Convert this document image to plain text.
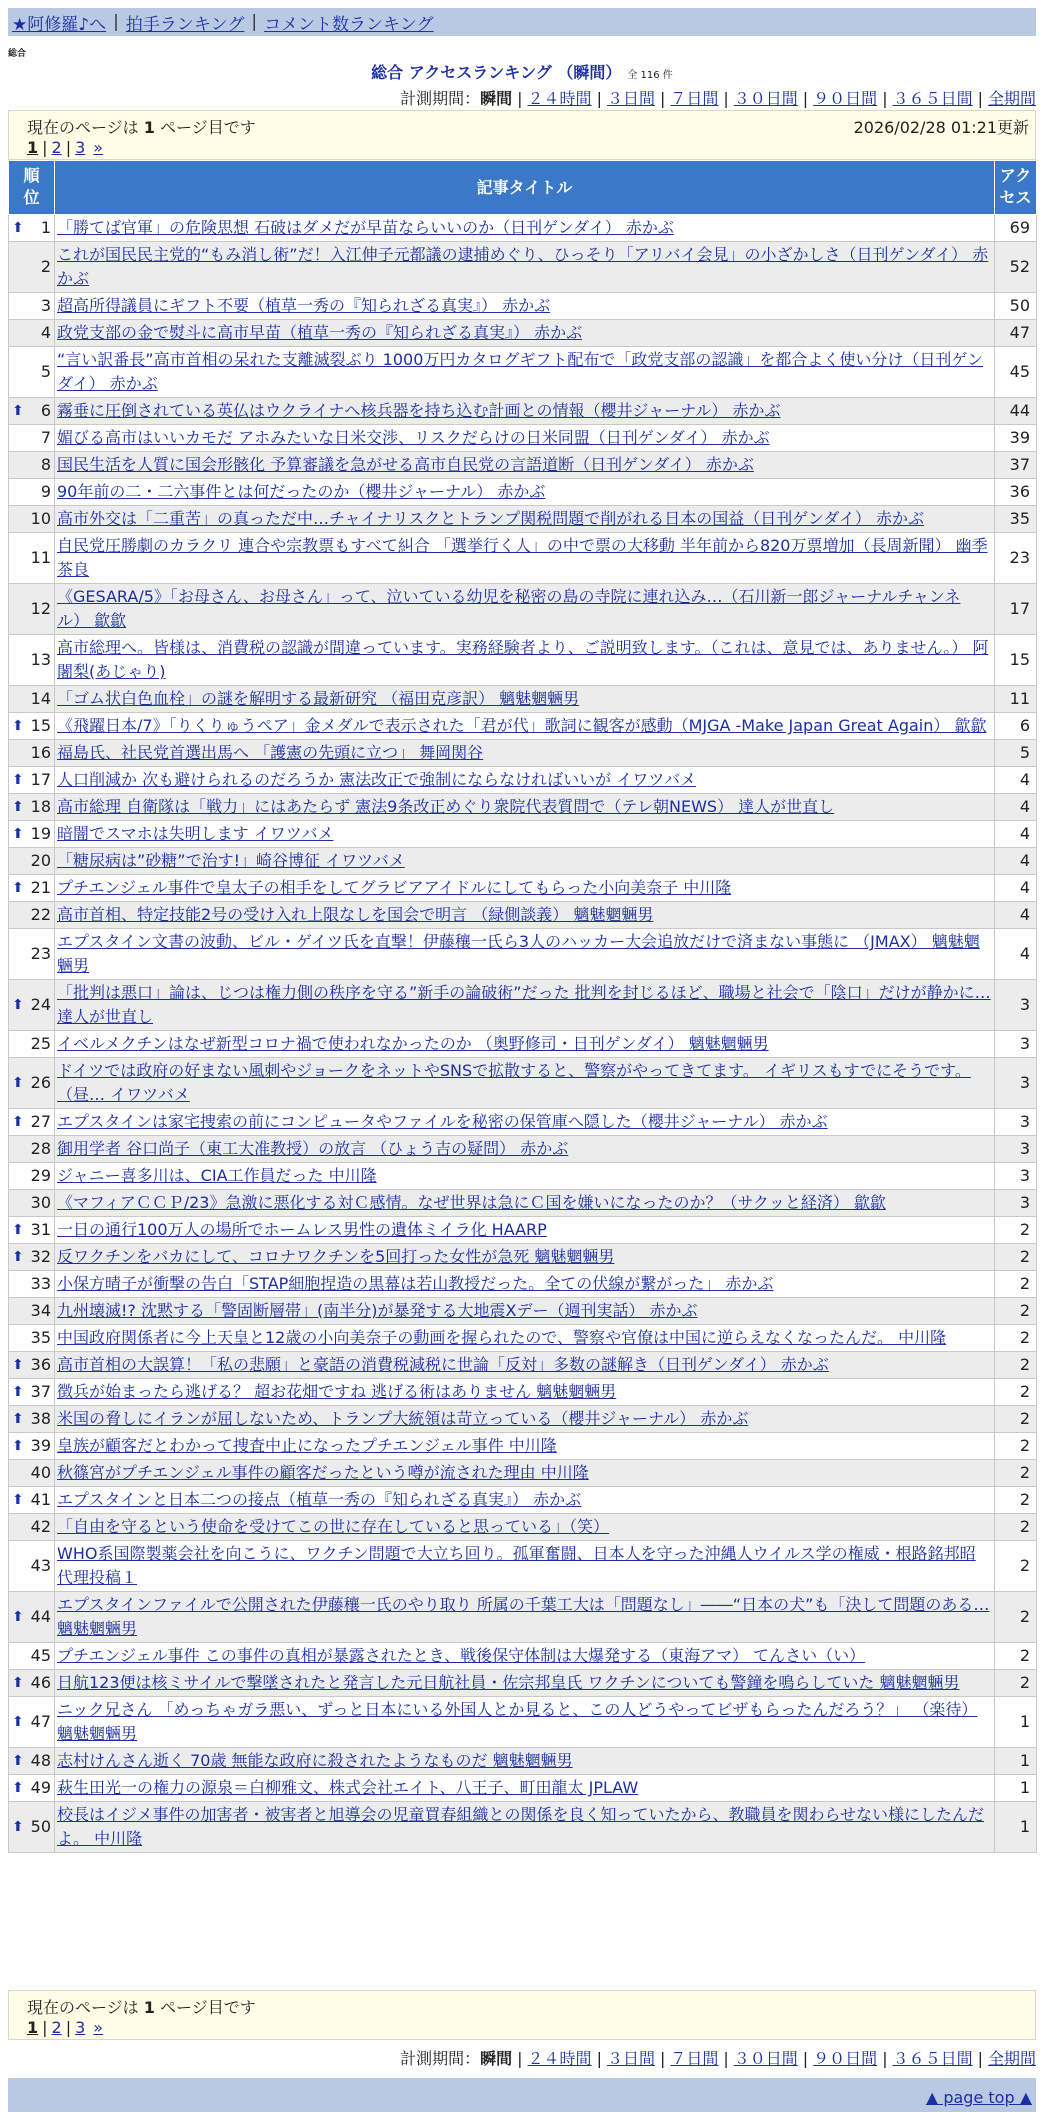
★阿修羅♪へ | 拍手ランキング | コメント数ランキング
総合
総合 アクセスランキング （瞬間） 全 116 件
計測期間：瞬間 | ２４時間 | ３日間 | ７日間 | ３０日間 | ９０日間 | ３６５日間 | 全期間
現在のページは 1 ページ目です	2026/02/28 01:21更新
1 | 2 | 3 »
順位	記事タイトル	アクセス

⬆ 1	「勝てば官軍」の危険思想 石破はダメだが早苗ならいいのか（日刊ゲンダイ） 赤かぶ	69
2	これが国民民主党的“もみ消し術”だ！入江伸子元都議の逮捕めぐり、ひっそり「アリバイ会見」の小ざかしさ（日刊ゲンダイ） 赤かぶ	52
3	超高所得議員にギフト不要（植草一秀の『知られざる真実』） 赤かぶ	50
4	政党支部の金で熨斗に高市早苗（植草一秀の『知られざる真実』） 赤かぶ	47
5	“言い訳番長”高市首相の呆れた支離滅裂ぶり 1000万円カタログギフト配布で「政党支部の認識」を都合よく使い分け（日刊ゲンダイ） 赤かぶ	45

⬆ 6	霧垂に圧倒されている英仏はウクライナへ核兵器を持ち込む計画との情報（櫻井ジャーナル） 赤かぶ	44
7	媚びる高市はいいカモだ アホみたいな日米交渉、リスクだらけの日米同盟（日刊ゲンダイ） 赤かぶ	39
8	国民生活を人質に国会形骸化 予算審議を急がせる高市自民党の言語道断（日刊ゲンダイ） 赤かぶ	37
9	90年前の二・二六事件とは何だったのか（櫻井ジャーナル） 赤かぶ	36
10	高市外交は「二重苦」の真っただ中…チャイナリスクとトランプ関税問題で削がれる日本の国益（日刊ゲンダイ） 赤かぶ	35
11	自民党圧勝劇のカラクリ 連合や宗教票もすべて糾合 「選挙行く人」の中で票の大移動 半年前から820万票増加（長周新聞） 幽季 茶良	23
12	《GESARA/5》「お母さん、お母さん」って、泣いている幼児を秘密の島の寺院に連れ込み…（石川新一郎ジャーナルチャンネル） 歙歙	17
13	高市総理へ。皆様は、消費税の認識が間違っています。実務経験者より、ご説明致します。（これは、意見では、ありません。） 阿闍梨(あじゃり)	15
14	「ゴム状白色血栓」の謎を解明する最新研究 （福田克彦訳） 魑魅魍魎男	11

⬆ 15	《飛躍日本/7》「りくりゅうペア」金メダルで表示された「君が代」歌詞に観客が感動（MJGA -Make Japan Great Again） 歙歙	6
16	福島氏、社民党首選出馬へ 「護憲の先頭に立つ」 舞岡関谷	5

⬆ 17	人口削減か 次も避けられるのだろうか 憲法改正で強制にならなければいいが イワツバメ	4

⬆ 18	高市総理 自衛隊は「戦力」にはあたらず 憲法9条改正めぐり衆院代表質問で（テレ朝NEWS） 達人が世直し	4

⬆ 19	暗闇でスマホは失明します イワツバメ	4
20	「糖尿病は”砂糖”で治す!」崎谷博征 イワツバメ	4

⬆ 21	プチエンジェル事件で皇太子の相手をしてグラビアアイドルにしてもらった小向美奈子 中川隆	4
22	高市首相、特定技能2号の受け入れ上限なしを国会で明言 （緑側談義） 魑魅魍魎男	4
23	エプスタイン文書の波動、ビル・ゲイツ氏を直撃！伊藤穰一氏ら3人のハッカー大会追放だけで済まない事態に （JMAX） 魑魅魍魎男	4

⬆ 24	「批判は悪口」論は、じつは権力側の秩序を守る”新手の論破術”だった 批判を封じるほど、職場と社会で「陰口」だけが静かに… 達人が世直し	3
25	イベルメクチンはなぜ新型コロナ禍で使われなかったのか （奥野修司・日刊ゲンダイ） 魑魅魍魎男	3

⬆ 26	ドイツでは政府の好まない風刺やジョークをネットやSNSで拡散すると、警察がやってきてます。 イギリスもすでにそうです。（昼… イワツバメ	3

⬆ 27	エプスタインは家宅捜索の前にコンピュータやファイルを秘密の保管庫へ隠した（櫻井ジャーナル） 赤かぶ	3
28	御用学者 谷口尚子（東工大准教授）の放言 （ひょう吉の疑問） 赤かぶ	3
29	ジャニー喜多川は、CIA工作員だった 中川隆	3
30	《マフィアＣＣＰ/23》急激に悪化する対Ｃ感情。なぜ世界は急にＣ国を嫌いになったのか？（サクッと経済） 歙歙	3

⬆ 31	一日の通行100万人の場所でホームレス男性の遺体ミイラ化 HAARP	2

⬆ 32	反ワクチンをバカにして、コロナワクチンを5回打った女性が急死 魑魅魍魎男	2
33	小保方晴子が衝撃の告白「STAP細胞捏造の黒幕は若山教授だった。全ての伏線が繋がった」 赤かぶ	2
34	九州壊滅!? 沈黙する「警固断層帯」(南半分)が暴発する大地震Xデー（週刊実話） 赤かぶ	2
35	中国政府関係者に今上天皇と12歳の小向美奈子の動画を握られたので、警察や官僚は中国に逆らえなくなったんだ。 中川隆	2

⬆ 36	高市首相の大誤算！「私の悲願」と豪語の消費税減税に世論「反対」多数の謎解き（日刊ゲンダイ） 赤かぶ	2

⬆ 37	徴兵が始まったら逃げる？ 超お花畑ですね 逃げる術はありません 魑魅魍魎男	2

⬆ 38	米国の脅しにイランが屈しないため、トランプ大統領は苛立っている（櫻井ジャーナル） 赤かぶ	2

⬆ 39	皇族が顧客だとわかって捜査中止になったプチエンジェル事件 中川隆	2
40	秋篠宮がプチエンジェル事件の顧客だったという噂が流された理由 中川隆	2

⬆ 41	エプスタインと日本二つの接点（植草一秀の『知られざる真実』） 赤かぶ	2
42	「自由を守るという使命を受けてこの世に存在していると思っている」（笑）	2
43	WHO系国際製薬会社を向こうに、ワクチン問題で大立ち回り。孤軍奮闘、日本人を守った沖縄人ウイルス学の権威・根路銘邦昭 代理投稿１	2

⬆ 44	エプスタインファイルで公開された伊藤穰一氏のやり取り 所属の千葉工大は「問題なし」――“日本の犬”も「決して問題のある… 魑魅魍魎男	2
45	プチエンジェル事件 この事件の真相が暴露されたとき、戦後保守体制は大爆発する（東海アマ） てんさい（い）	2

⬆ 46	日航123便は核ミサイルで撃墜されたと発言した元日航社員・佐宗邦皇氏 ワクチンについても警鐘を鳴らしていた 魑魅魍魎男	2

⬆ 47	ニック兄さん 「めっちゃガラ悪い、ずっと日本にいる外国人とか見ると、この人どうやってビザもらったんだろう？」 （楽待） 魑魅魍魎男	1

⬆ 48	志村けんさん逝く 70歳 無能な政府に殺されたようなものだ 魑魅魍魎男	1

⬆ 49	萩生田光一の権力の源泉＝白柳雅文、株式会社エイト、八王子、町田龍太 JPLAW	1

⬆ 50	校長はイジメ事件の加害者・被害者と旭導会の児童買春組織との関係を良く知っていたから、教職員を関わらせない様にしたんだよ。 中川隆	1
現在のページは 1 ページ目です
1 | 2 | 3 »
計測期間：瞬間 | ２４時間 | ３日間 | ７日間 | ３０日間 | ９０日間 | ３６５日間 | 全期間
▲ page top ▲
